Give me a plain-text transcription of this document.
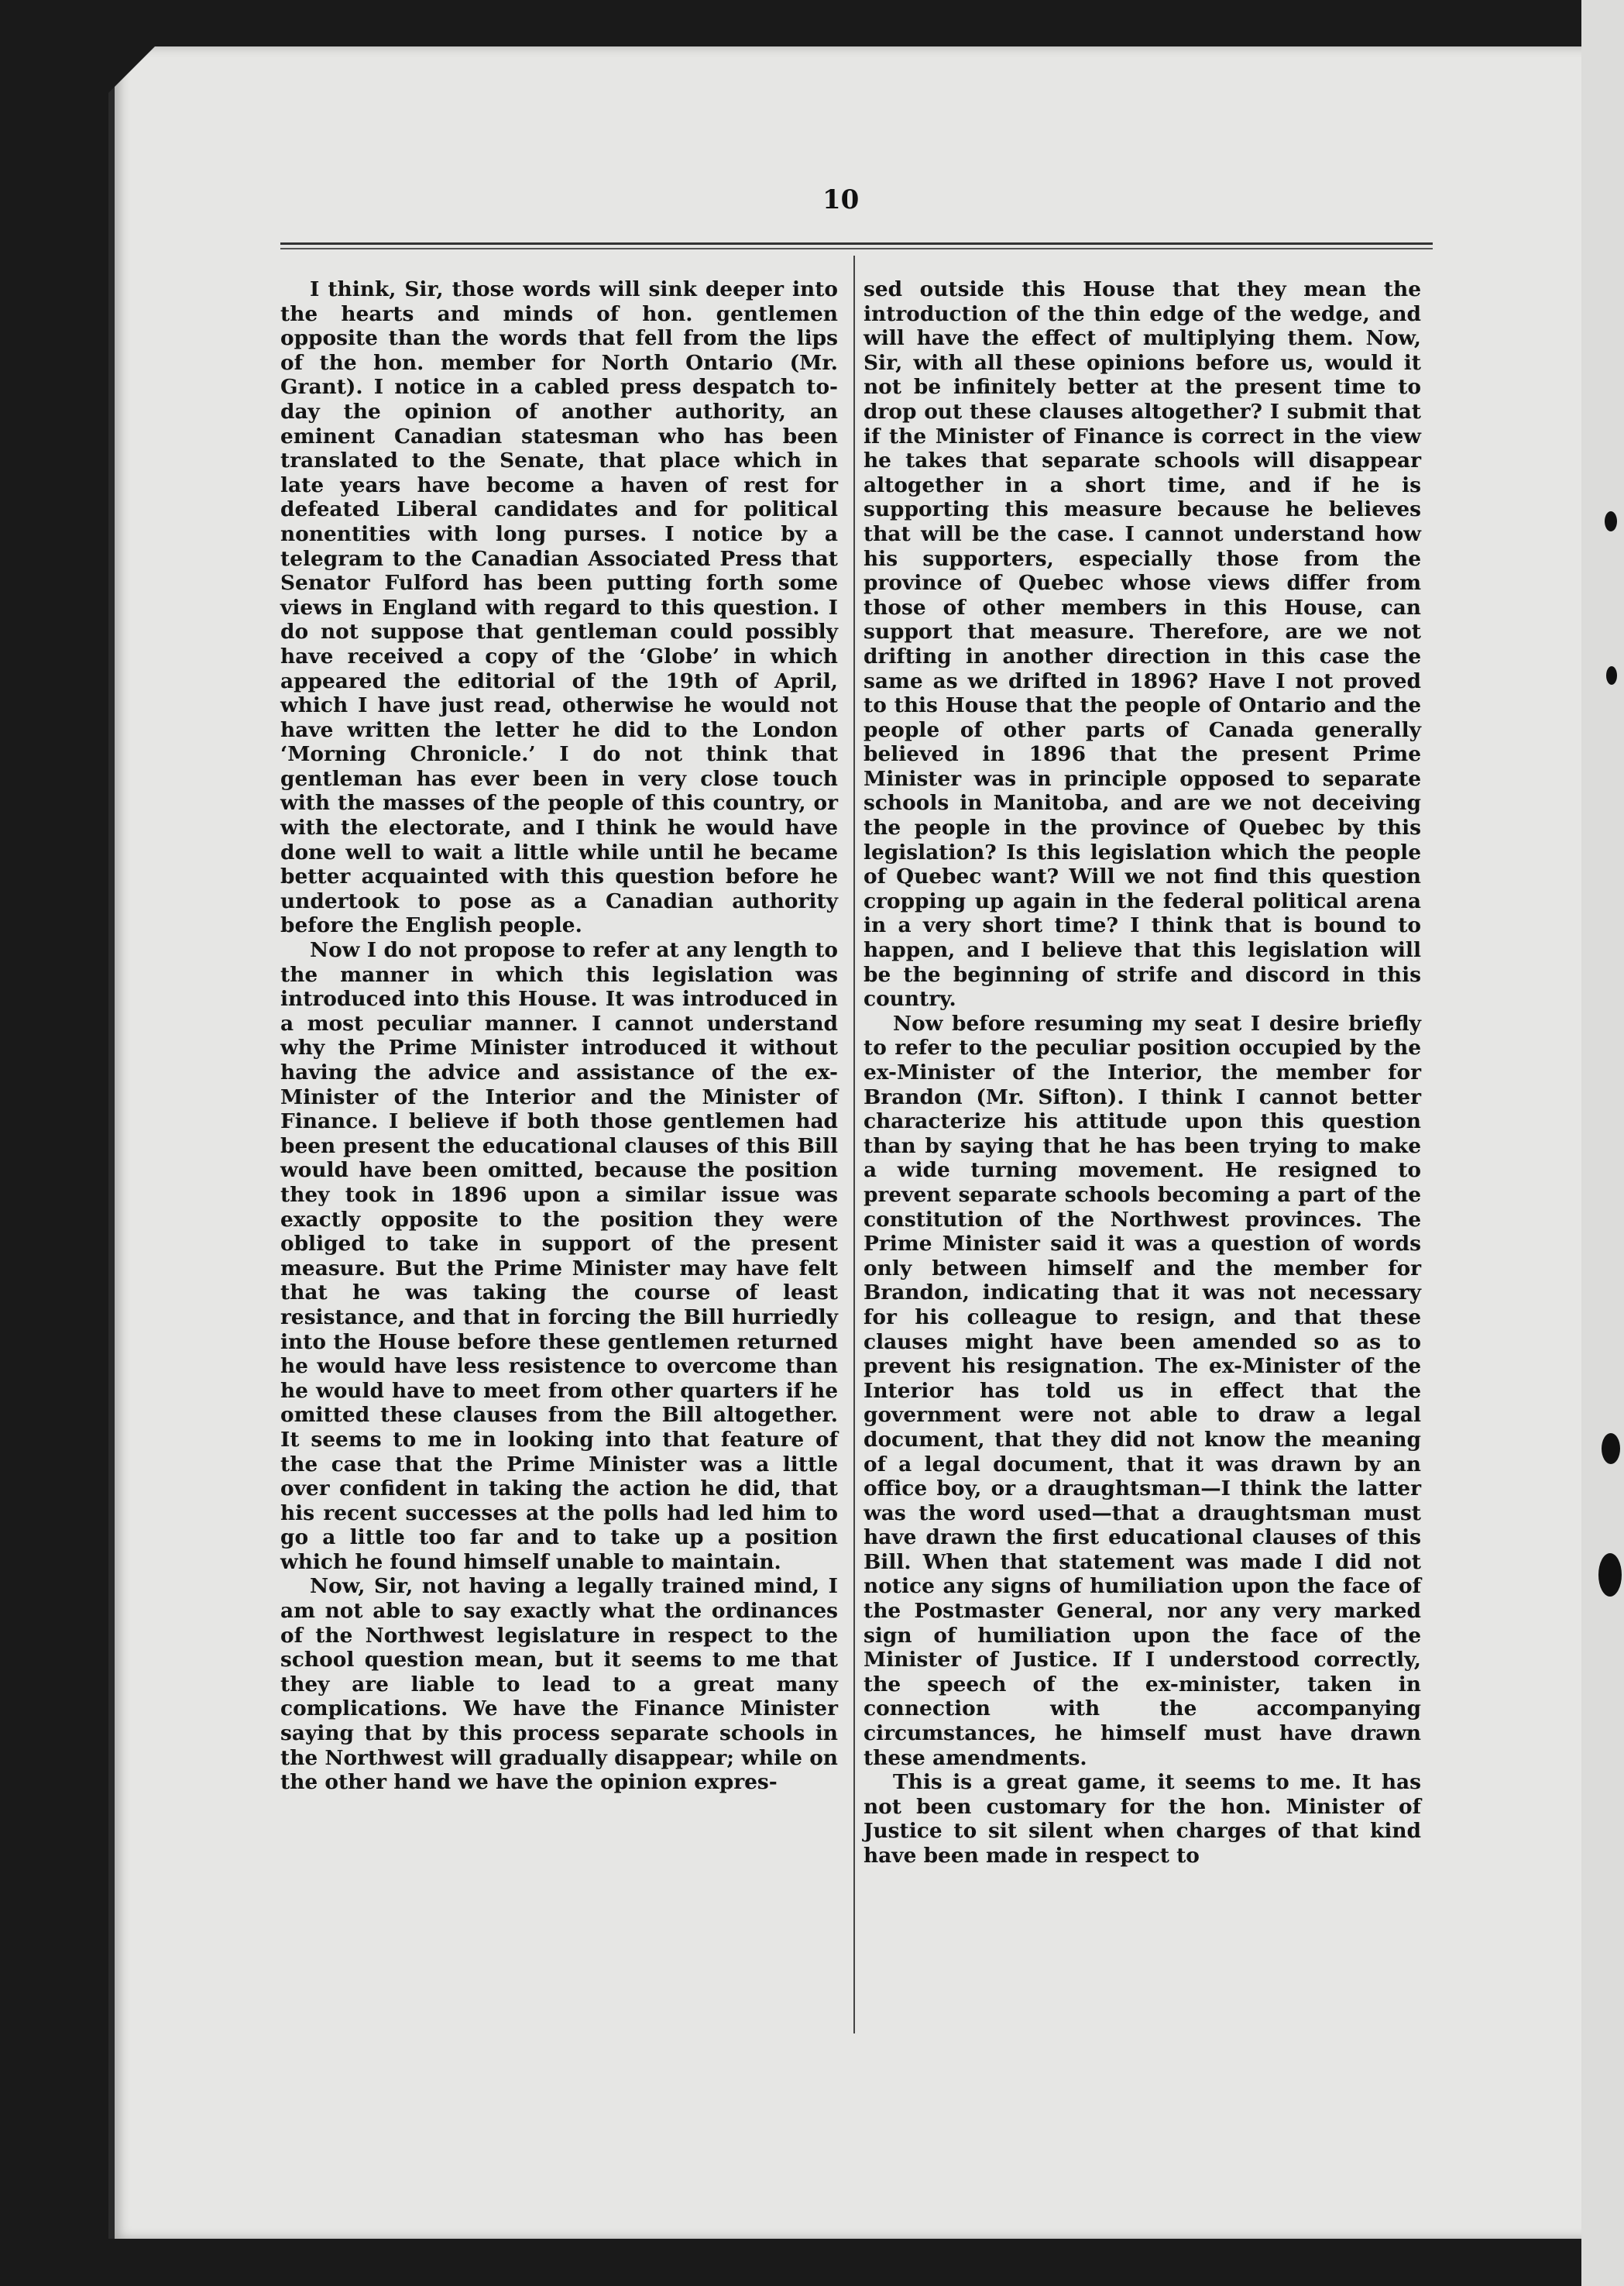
10

I think, Sir, those words will sink deeper into the hearts and minds of hon. gentlemen opposite than the words that fell from the lips of the hon. member for North Ontario (Mr. Grant). I notice in a cabled press despatch to-day the opinion of another authority, an eminent Canadian statesman who has been translated to the Senate, that place which in late years have become a haven of rest for defeated Liberal candidates and for political nonentities with long purses. I notice by a telegram to the Canadian Associated Press that Senator Fulford has been putting forth some views in England with regard to this question. I do not suppose that gentleman could possibly have received a copy of the ‘Globe’ in which appeared the editorial of the 19th of April, which I have just read, otherwise he would not have written the letter he did to the London ‘Morning Chronicle.’ I do not think that gentleman has ever been in very close touch with the masses of the people of this country, or with the electorate, and I think he would have done well to wait a little while until he became better acquainted with this question before he undertook to pose as a Canadian authority before the English people.

Now I do not propose to refer at any length to the manner in which this legislation was introduced into this House. It was introduced in a most peculiar manner. I cannot understand why the Prime Minister introduced it without having the advice and assistance of the ex-Minister of the Interior and the Minister of Finance. I believe if both those gentlemen had been present the educational clauses of this Bill would have been omitted, because the position they took in 1896 upon a similar issue was exactly opposite to the position they were obliged to take in support of the present measure. But the Prime Minister may have felt that he was taking the course of least resistance, and that in forcing the Bill hurriedly into the House before these gentlemen returned he would have less resistence to overcome than he would have to meet from other quarters if he omitted these clauses from the Bill altogether. It seems to me in looking into that feature of the case that the Prime Minister was a little over confident in taking the action he did, that his recent successes at the polls had led him to go a little too far and to take up a position which he found himself unable to maintain.

Now, Sir, not having a legally trained mind, I am not able to say exactly what the ordinances of the Northwest legislature in respect to the school question mean, but it seems to me that they are liable to lead to a great many complications. We have the Finance Minister saying that by this process separate schools in the Northwest will gradually disappear; while on the other hand we have the opinion expres-

sed outside this House that they mean the introduction of the thin edge of the wedge, and will have the effect of multiplying them. Now, Sir, with all these opinions before us, would it not be infinitely better at the present time to drop out these clauses altogether? I submit that if the Minister of Finance is correct in the view he takes that separate schools will disappear altogether in a short time, and if he is supporting this measure because he believes that will be the case. I cannot understand how his supporters, especially those from the province of Quebec whose views differ from those of other members in this House, can support that measure. Therefore, are we not drifting in another direction in this case the same as we drifted in 1896? Have I not proved to this House that the people of Ontario and the people of other parts of Canada generally believed in 1896 that the present Prime Minister was in principle opposed to separate schools in Manitoba, and are we not deceiving the people in the province of Quebec by this legislation? Is this legislation which the people of Quebec want? Will we not find this question cropping up again in the federal political arena in a very short time? I think that is bound to happen, and I believe that this legislation will be the beginning of strife and discord in this country.

Now before resuming my seat I desire briefly to refer to the peculiar position occupied by the ex-Minister of the Interior, the member for Brandon (Mr. Sifton). I think I cannot better characterize his attitude upon this question than by saying that he has been trying to make a wide turning movement. He resigned to prevent separate schools becoming a part of the constitution of the Northwest provinces. The Prime Minister said it was a question of words only between himself and the member for Brandon, indicating that it was not necessary for his colleague to resign, and that these clauses might have been amended so as to prevent his resignation. The ex-Minister of the Interior has told us in effect that the government were not able to draw a legal document, that they did not know the meaning of a legal document, that it was drawn by an office boy, or a draughtsman—I think the latter was the word used—that a draughtsman must have drawn the first educational clauses of this Bill. When that statement was made I did not notice any signs of humiliation upon the face of the Postmaster General, nor any very marked sign of humiliation upon the face of the Minister of Justice. If I understood correctly, the speech of the ex-minister, taken in connection with the accompanying circumstances, he himself must have drawn these amendments.

This is a great game, it seems to me. It has not been customary for the hon. Minister of Justice to sit silent when charges of that kind have been made in respect to
